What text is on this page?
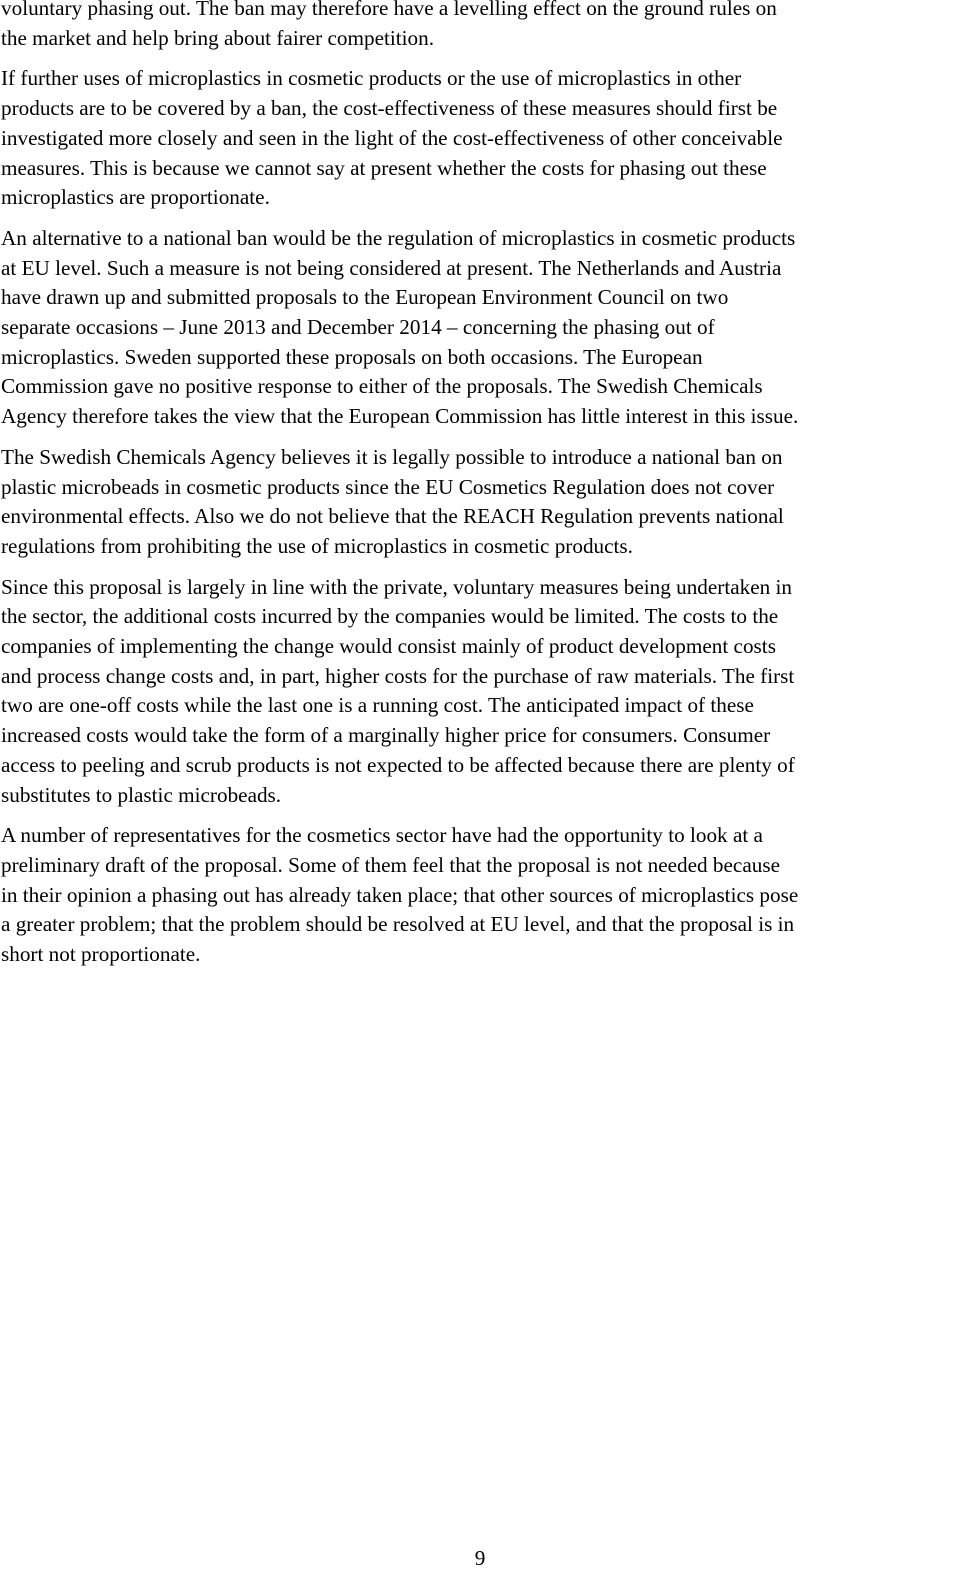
voluntary phasing out. The ban may therefore have a levelling effect on the ground rules on
the market and help bring about fairer competition.

If further uses of microplastics in cosmetic products or the use of microplastics in other
products are to be covered by a ban, the cost-effectiveness of these measures should first be
investigated more closely and seen in the light of the cost-effectiveness of other conceivable
measures. This is because we cannot say at present whether the costs for phasing out these
microplastics are proportionate.

An alternative to a national ban would be the regulation of microplastics in cosmetic products
at EU level. Such a measure is not being considered at present. The Netherlands and Austria
have drawn up and submitted proposals to the European Environment Council on two
separate occasions – June 2013 and December 2014 – concerning the phasing out of
microplastics. Sweden supported these proposals on both occasions. The European
Commission gave no positive response to either of the proposals. The Swedish Chemicals
Agency therefore takes the view that the European Commission has little interest in this issue.

The Swedish Chemicals Agency believes it is legally possible to introduce a national ban on
plastic microbeads in cosmetic products since the EU Cosmetics Regulation does not cover
environmental effects. Also we do not believe that the REACH Regulation prevents national
regulations from prohibiting the use of microplastics in cosmetic products.

Since this proposal is largely in line with the private, voluntary measures being undertaken in
the sector, the additional costs incurred by the companies would be limited. The costs to the
companies of implementing the change would consist mainly of product development costs
and process change costs and, in part, higher costs for the purchase of raw materials. The first
two are one-off costs while the last one is a running cost. The anticipated impact of these
increased costs would take the form of a marginally higher price for consumers. Consumer
access to peeling and scrub products is not expected to be affected because there are plenty of
substitutes to plastic microbeads.

A number of representatives for the cosmetics sector have had the opportunity to look at a
preliminary draft of the proposal. Some of them feel that the proposal is not needed because
in their opinion a phasing out has already taken place; that other sources of microplastics pose
a greater problem; that the problem should be resolved at EU level, and that the proposal is in
short not proportionate.

9
